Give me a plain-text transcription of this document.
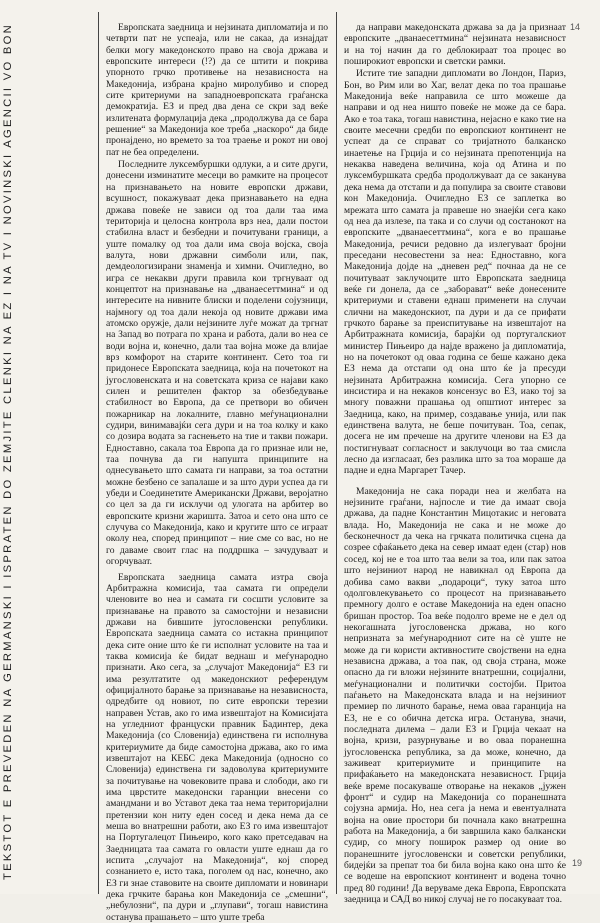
TEKSTOT E PREVEDEN NA GERMANSKI I ISPRATEN DO ZEMJITE CLENKI NA EZ I NA TV I NOVINSKI AGENCII VO BON	14
19

Европската заедница и нејзината дипломатија и по четврти пат не успеаја, или не сакаа, да изнајдат белки могу македонското право на своја држава и европските интереси (!?) да се штити и покрива упорното грчко противење на независноста на Македонија, избрана крајно миролубиво и според сите критериуми на западноевропската граѓанска демократија. ЕЗ и пред два дена се скри зад веќе излитената формулација дека „продолжува да се бара решение“ за Македонија кое треба „наскоро“ да биде пронајдено, но времето за тоа траење и рокот ни овој пат не беа определени.

Последните луксембуршки одлуки, а и сите други, донесени изминатите месеци во рамките на процесот на признавањето на новите европски држави, всушност, покажуваат дека признавањето на една држава повеќе не зависи од тоа дали таа има територија и целосна контрола врз неа, дали постои стабилна власт и безбедни и почитувани граници, а уште помалку од тоа дали има своја војска, своја валута, нови државни симболи или, пак, демдеологизирани знаменја и химни. Очигледно, во игра се некакви други правила кои тргнуваат од концептот на признавање на „дванаесеттмина“ и од интересите на нивните блиски и поделени сојузници, најмногу од тоа дали некоја од новите држави има атомско оружје, дали нејзините луѓе можат да тргнат на Запад во потрага по храна и работа, дали во неа се води војна и, конечно, дали таа војна може да влијае врз комфорот на старите континент. Сето тоа ги придонесе Европската заедница, која на почетокот на југословенската и на советската криза се најави како силен и решителен фактор за обезбедување стабилност во Европа, да се претвори во обичен пожарникар на локалните, главно меѓунационални судири, винимавајќи сега дури и на тоа колку и како со дозира водата за гаснењето на тие и такви пожари. Едноставно, сакала тоа Европа да го признае или не, таа почнува да ги напушта принципите на однесувањето што самата ги направи, за тоа остатни можне безбено се запалаше и за што дури успеа да ги убеди и Соединетите Американски Држави, веројатно со цел за да ги исклучи од улогата на арбитер во европските кризни жаришта. Затоа и сето она што се случува со Македонија, како и кругите што се играат околу неа, според принципот – ние сме со вас, но не го даваме своит глас на поддршка – зачудуваат и огорчуваат.

Европската заедница самата изтра своја Арбитражна комисија, таа самата ги определи членовите во неа и самата ги сосшти условите за признавањe на правото за самостојни и независни држави на бившите југословенски републики. Европската заедница самата со истакна принципот дека сите оние што ќе ги исполнат условите на таа и таква комисија ќе бидат веднаш и меѓународно признати. Ако сега, за „случајот Македонија“ ЕЗ ги има резултатите од македонскиот референдум официјалното барање за признавање на независноста, одредбите од новиот, по сите европски терезии направен Устав, ако го има извештајот на Комисијата на угледниот француски правник Бадинтер, дека Македонија (со Словенија) единствена ги исполнува критериумите да биде самостојна држава, ако го има извештајот на КЕБС дека Македонија (односно со Словенија) единствена ги задоволува критериумите за почитувањe на човековите права и слободи, ако ги има цврстите македонски гаранции внесени со амандмани и во Уставот дека таа нема територијални претензии кон ниту еден сосед и дека нема да се меша во внатрешни работи, ако ЕЗ го има извештајот на Португалецот Пињеиро, кого како претседавач на Заедницата таа самата го овласти уште еднаш да го испита „случајот на Македонија“, кој според сознанието е, исто така, поголем од нас, конечно, ако ЕЗ ги знае ставовите на своите дипломати и новинари дека грчките барања кон Македонија се „смешни“, „небулозни“, па дури и „глупави“, тогаш навистина останува прашањето – што уште треба

да направи македонската држава за да ја признаат европските „дванаесеттмина“ нејзината независност и на тој начин да го деблокираат тоа процес во поширокиот европски и светски рамки.

Истите тие западни дипломати во Лондон, Париз, Бон, во Рим или во Хаг, велат дека по тоа прашање Македонија веќе направила се што можеше да направи и од неа ништо повеќе не може да се бара. Ако е тоа така, тогаш навистина, нејасно е како тие на своите месечни средби по европскиот континент не успеат да се справат со тријатното балканско инаетење на Грција и со нејзината препотенција на некаква наведена величина, која од Атина и по луксембуршката средба продолжуваат да се заканува дека нема да отстапи и да популира за своите ставови кон Македонија. Очигледно ЕЗ се заплетка во мрежата што самата ја правеше но знаејќи сега како од неа да излезе, па така и со случи од состанокот на европските „дванаесеттмина“, кога е во прашање Македонија, речиси редовно да излегуваат бројни преседани несовестени за неа: Едноставно, кога Македонија дојде на „дневен ред“ почнаа да не се почитуваат заклучоците што Европската заедница веќе ги донела, да се „заборават“ веќе донесените критериуми и ставени еднаш применети на случаи слични на македонскиот, па дури и да се прифати грчкото барање за преиспитување на извештајот на Арбитражната комисија, барајќи од португалскиот министер Пињеиро да најде вражено ја дипломатија, но на почетокот од оваа година се беше кажано дека ЕЗ нема да отстапи од она што ќе ја пресуди нејзината Арбитражна комисија. Сега упорно се инсистира и на некаков консензус во ЕЗ, иако тој за многу поважни прашања од општиот интерес за Заедница, како, на пример, создавање унија, или пак единствена валута, не беше почитуван. Тоа, сепак, досега не им пречеше на другите членови на ЕЗ да постигнуваат согласност и заклучоци во таа смисла лесно да изгласаат, без разлика што за тоа мораше да падне и една Маргарет Тачер.

Македонија не сака поради неа и желбата на нејзините граѓани, најпосле и тие да имаат своја држава, да падне Константин Мицотакис и неговата влада. Но, Македонија не сака и не може до бесконечност да чека на грчката политичка сцена да созрее сфаќањето дека на север имаат еден (стар) нов сосед, кој не е тоа што таа вели за тоа, или пак затоа што нејзиниот народ не навикнал од Европа да добива само вакви „подароци“, туку затоа што одолговлекувањето со процесот на признавањето премногу долго е оставе Македонија на еден опасно бришан простор. Тоа веќе подолго време не е дел од некогашната југословенска држава, но кого непризната за меѓународниот сите на сè уште не може да ги користи активностите својствени на една независна држава, а тоа пак, од своја страна, може опасно да ги вложи нејзините внатрешни, социјални, меѓунационални и политички состојби. Притоа паѓањето на Македонската влада и на нејзиниот премиер по личното барање, нема оваа гаранција на ЕЗ, не е со обична детска игра. Останува, значи, последната дилема – дали ЕЗ и Грција чекаат на војна, кризи, разурнување и во оваа поранешна југословенска република, за да може, конечно, да заживеат критериумите и принципите на прифаќањето на македонската независност. Грција веќе време посакуваше отворање на некаков „јужен фронт“ и судир на Македонија со поранешната сојузна армија. Но, неа сега ја нема и евентуалната војна на овие простори би почнала како внатрешна работа на Македонија, а би завршила како балкански судир, со многу поширок размер од оние во поранешните југословенски и советски републики, бидејќи за препат тоа би била војна како она што ќе се водеше на европскиот континент и водена точно пред 80 години! Да веруваме дека Европа, Европската заедница и САД во никој случај не го посакуваат тоа.
